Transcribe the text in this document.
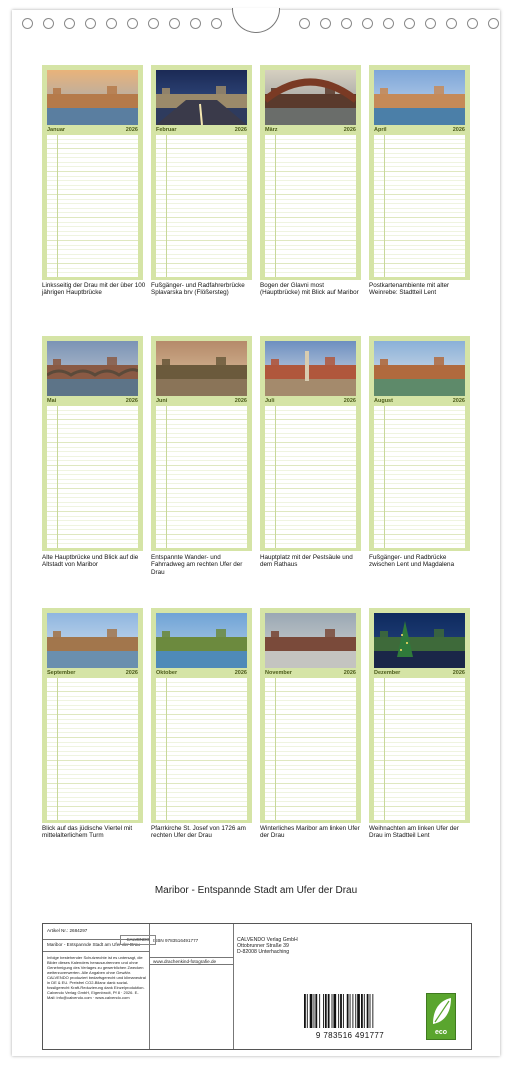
Januar	2026
Linksseitig der Drau mit der über 100 jährigen Hauptbrücke
Februar	2026
Fußgänger- und Radfahrerbrücke Splavarska brv (Flößersteg)
März	2026
Bogen der Glavni most (Hauptbrücke) mit Blick auf Maribor
April	2026
Postkartenambiente mit alter Weinrebe: Stadtteil Lent
Mai	2026
Alte Hauptbrücke und Blick auf die Altstadt von Maribor
Juni	2026
Entspannte Wander- und Fahrradweg am rechten Ufer der Drau
Juli	2026
Hauptplatz mit der Pestsäule und dem Rathaus
August	2026
Fußgänger- und Radbrücke zwischen Lent und Magdalena
September	2026
Blick auf das jüdische Viertel mit mittelalterlichem Turm
Oktober	2026
Pfarrkirche St. Josef von 1726 am rechten Ufer der Drau
November	2026
Winterliches Maribor am linken Ufer der Drau
Dezember	2026
Weihnachten am linken Ufer der Drau im Stadtteil Lent
Maribor - Entspannde Stadt am Ufer der Drau
Artikel Nr.: 2684297
Maribor - Entspannde Stadt am Ufer der Drau
Infolge bestehender Schutzrechte ist es untersagt, die Bilder dieses Kalenders herauszutrennen und ohne Genehmigung des Verlages zu gewerblichen Zwecken weiterzuverwerten. Alle Angaben ohne Gewähr. CALVENDO produziert bedarfsgerecht und klimaneutral in DE & EU. Preisfrei CO2-Bilanz dank sozial- fossilgerecht Kraft-Reduzierung dank Einzelproduktion. Calvendo Verlag GmbH, Eigenbrodt, Pf 8 · 2026. E-Mail: info@calvendo.com · www.calvendo.com
ISBN 9783516491777
www.drachenkind-fotografie.de
CALVENDO Verlag GmbH
Ottobrunner Straße 39
D-82008 Unterhaching
CALVENDO
9 783516 491777	eco
